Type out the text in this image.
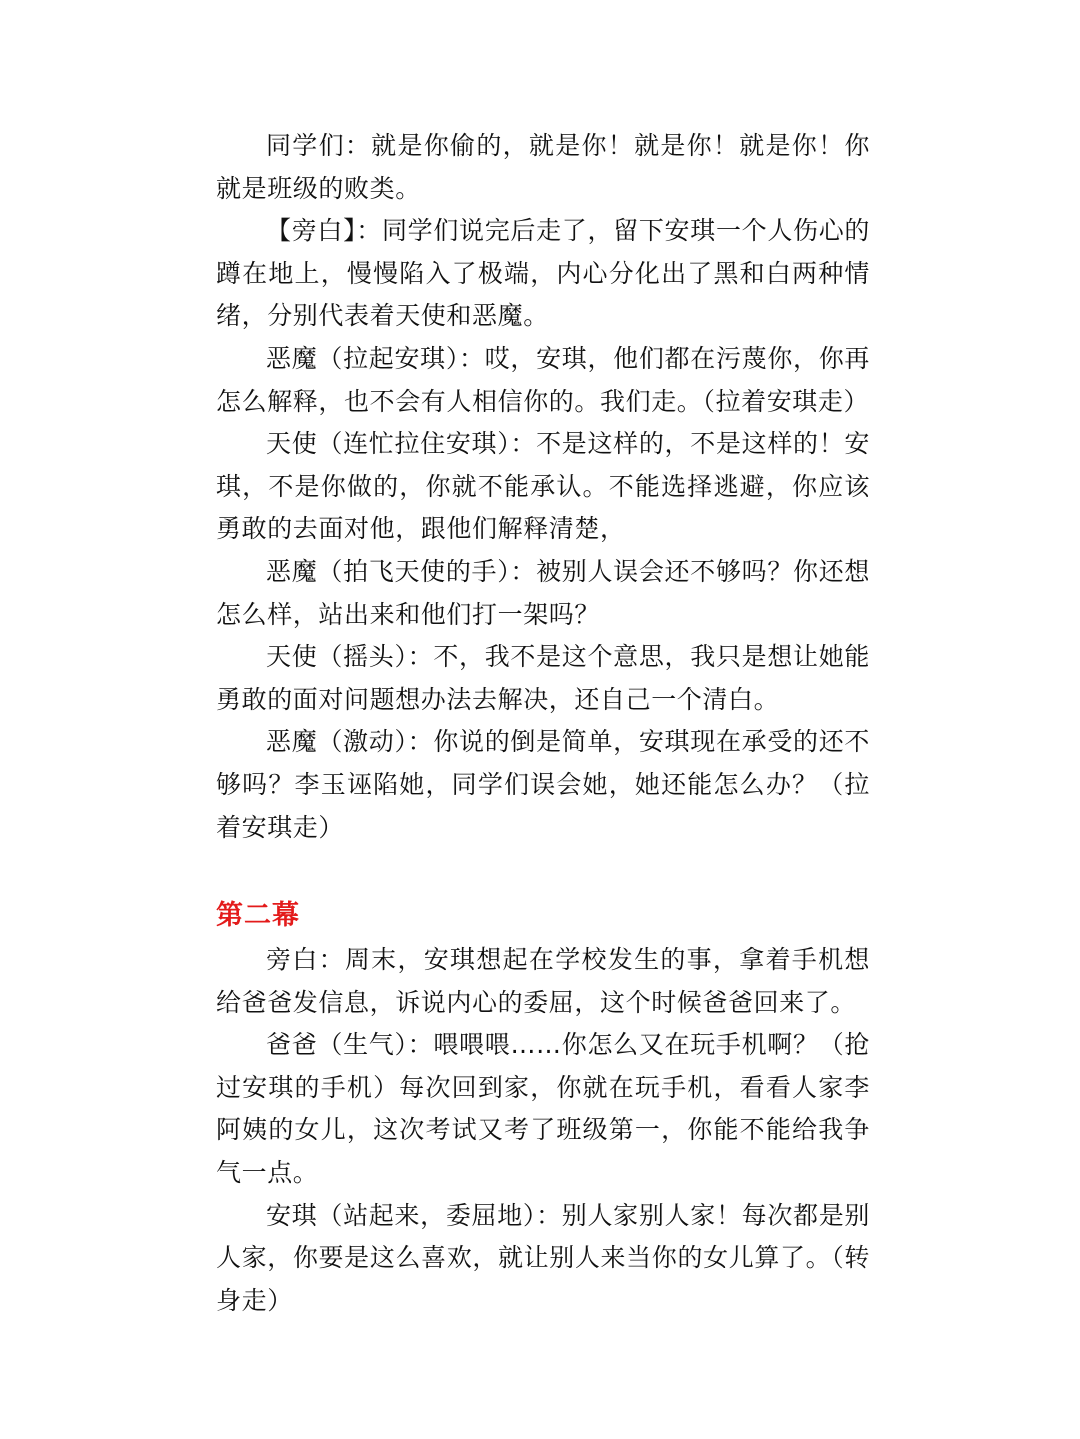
同学们：就是你偷的，就是你！就是你！就是你！你就是班级的败类。

【旁白】：同学们说完后走了，留下安琪一个人伤心的蹲在地上，慢慢陷入了极端，内心分化出了黑和白两种情绪，分别代表着天使和恶魔。

恶魔（拉起安琪）：哎，安琪，他们都在污蔑你，你再怎么解释，也不会有人相信你的。我们走。（拉着安琪走）

天使（连忙拉住安琪）：不是这样的，不是这样的！安琪，不是你做的，你就不能承认。不能选择逃避，你应该勇敢的去面对他，跟他们解释清楚，

恶魔（拍飞天使的手）：被别人误会还不够吗？你还想怎么样，站出来和他们打一架吗？

天使（摇头）：不，我不是这个意思，我只是想让她能勇敢的面对问题想办法去解决，还自己一个清白。

恶魔（激动）：你说的倒是简单，安琪现在承受的还不够吗？李玉诬陷她，同学们误会她，她还能怎么办？（拉着安琪走）

第二幕

旁白：周末，安琪想起在学校发生的事，拿着手机想给爸爸发信息，诉说内心的委屈，这个时候爸爸回来了。

爸爸（生气）：喂喂喂……你怎么又在玩手机啊？（抢过安琪的手机）每次回到家，你就在玩手机，看看人家李阿姨的女儿，这次考试又考了班级第一，你能不能给我争气一点。

安琪（站起来，委屈地）：别人家别人家！每次都是别人家，你要是这么喜欢，就让别人来当你的女儿算了。（转身走）
